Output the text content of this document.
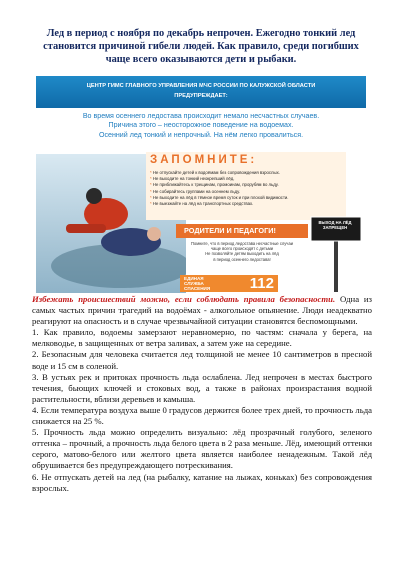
Лед в период с ноября по декабрь непрочен. Ежегодно тонкий лед становится причиной гибели людей. Как правило, среди погибших чаще всего оказываются дети и рыбаки.
ЦЕНТР ГИМС ГЛАВНОГО УПРАВЛЕНИЯ МЧС РОССИИ ПО КАЛУЖСКОЙ ОБЛАСТИ
ПРЕДУПРЕЖДАЕТ:
Во время осеннего ледостава происходит немало несчастных случаев.
Причина этого – неосторожное поведение на водоемах.
Осенний лед тонкий и непрочный. На нём легко провалиться.
ЗАПОМНИТЕ:
* Не отпускайте детей к водоёмам без сопровождения взрослых.
* Не выходите на тонкий неокрепший лёд.
* Не приближайтесь к трещинам, промоинам, прорубям во льду.
* Не собирайтесь группами на осеннем льду.
* Не выходите на лёд в тёмное время суток и при плохой видимости.
* Не выезжайте на лёд на транспортных средствах.
РОДИТЕЛИ И ПЕДАГОГИ!
Помните, что в период ледостава несчастные случаи
чаще всего происходят с детьми
Не позволяйте детям выходить на лёд
в период осеннего ледостава!
ЕДИНАЯ
СЛУЖБА
СПАСЕНИЯ	112
ВЫХОД НА ЛЁД
ЗАПРЕЩЕН

Избежать происшествий можно, если соблюдать правила безопасности. Одна из самых частых причин трагедий на водоёмах - алкогольное опьянение. Люди неадекватно реагируют на опасность и в случае чрезвычайной ситуации становятся беспомощными.

1. Как правило, водоемы замерзают неравномерно, по частям: сначала у берега, на мелководье, в защищенных от ветра заливах, а затем уже на середине.

2. Безопасным для человека считается лед толщиной не менее 10 сантиметров в пресной воде и 15 см в соленой.

3. В устьях рек и притоках прочность льда ослаблена. Лед непрочен в местах быстрого течения, бьющих ключей и стоковых вод, а также в районах произрастания водной растительности, вблизи деревьев и камыша.

4. Если температура воздуха выше 0 градусов держится более трех дней, то прочность льда снижается на 25 %.

5. Прочность льда можно определить визуально: лёд прозрачный голубого, зеленого оттенка – прочный, а прочность льда белого цвета в 2 раза меньше. Лёд, имеющий оттенки серого, матово-белого или желтого цвета является наиболее ненадежным. Такой лёд обрушивается без предупреждающего потрескивания.

6. Не отпускать детей на лед (на рыбалку, катание на лыжах, коньках) без сопровождения взрослых.
